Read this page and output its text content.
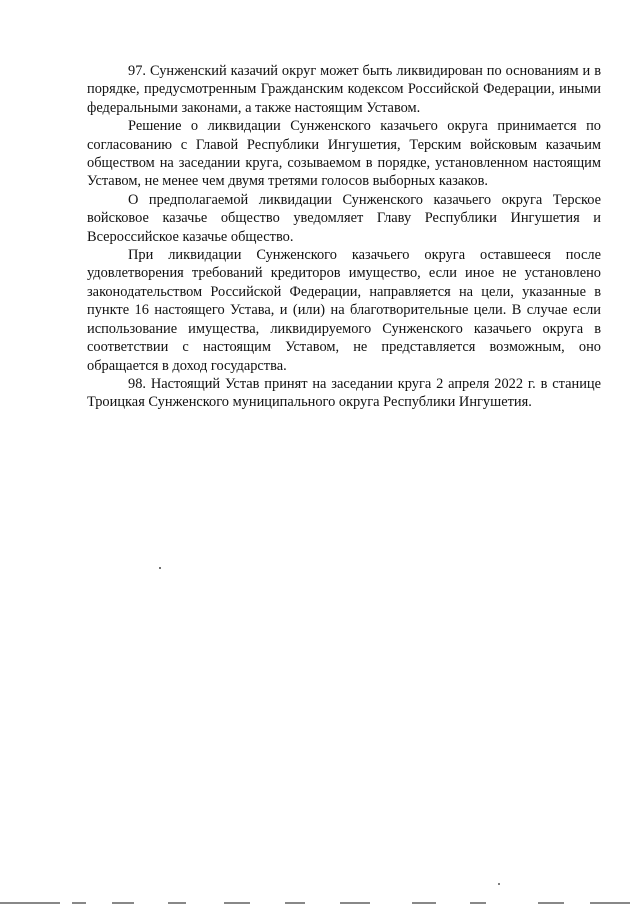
97. Сунженский казачий округ может быть ликвидирован по основаниям и в порядке, предусмотренным Гражданским кодексом Российской Федерации, иными федеральными законами, а также настоящим Уставом.

Решение о ликвидации Сунженского казачьего округа принимается по согласованию с Главой Республики Ингушетия, Терским войсковым казачьим обществом на заседании круга, созываемом в порядке, установленном настоящим Уставом, не менее чем двумя третями голосов выборных казаков.

О предполагаемой ликвидации Сунженского казачьего округа Терское войсковое казачье общество уведомляет Главу Республики Ингушетия и Всероссийское казачье общество.

При ликвидации Сунженского казачьего округа оставшееся после удовлетворения требований кредиторов имущество, если иное не установлено законодательством Российской Федерации, направляется на цели, указанные в пункте 16 настоящего Устава, и (или) на благотворительные цели. В случае если использование имущества, ликвидируемого Сунженского казачьего округа в соответствии с настоящим Уставом, не представляется возможным, оно обращается в доход государства.

98. Настоящий Устав принят на заседании круга 2 апреля 2022 г. в станице Троицкая Сунженского муниципального округа Республики Ингушетия.
